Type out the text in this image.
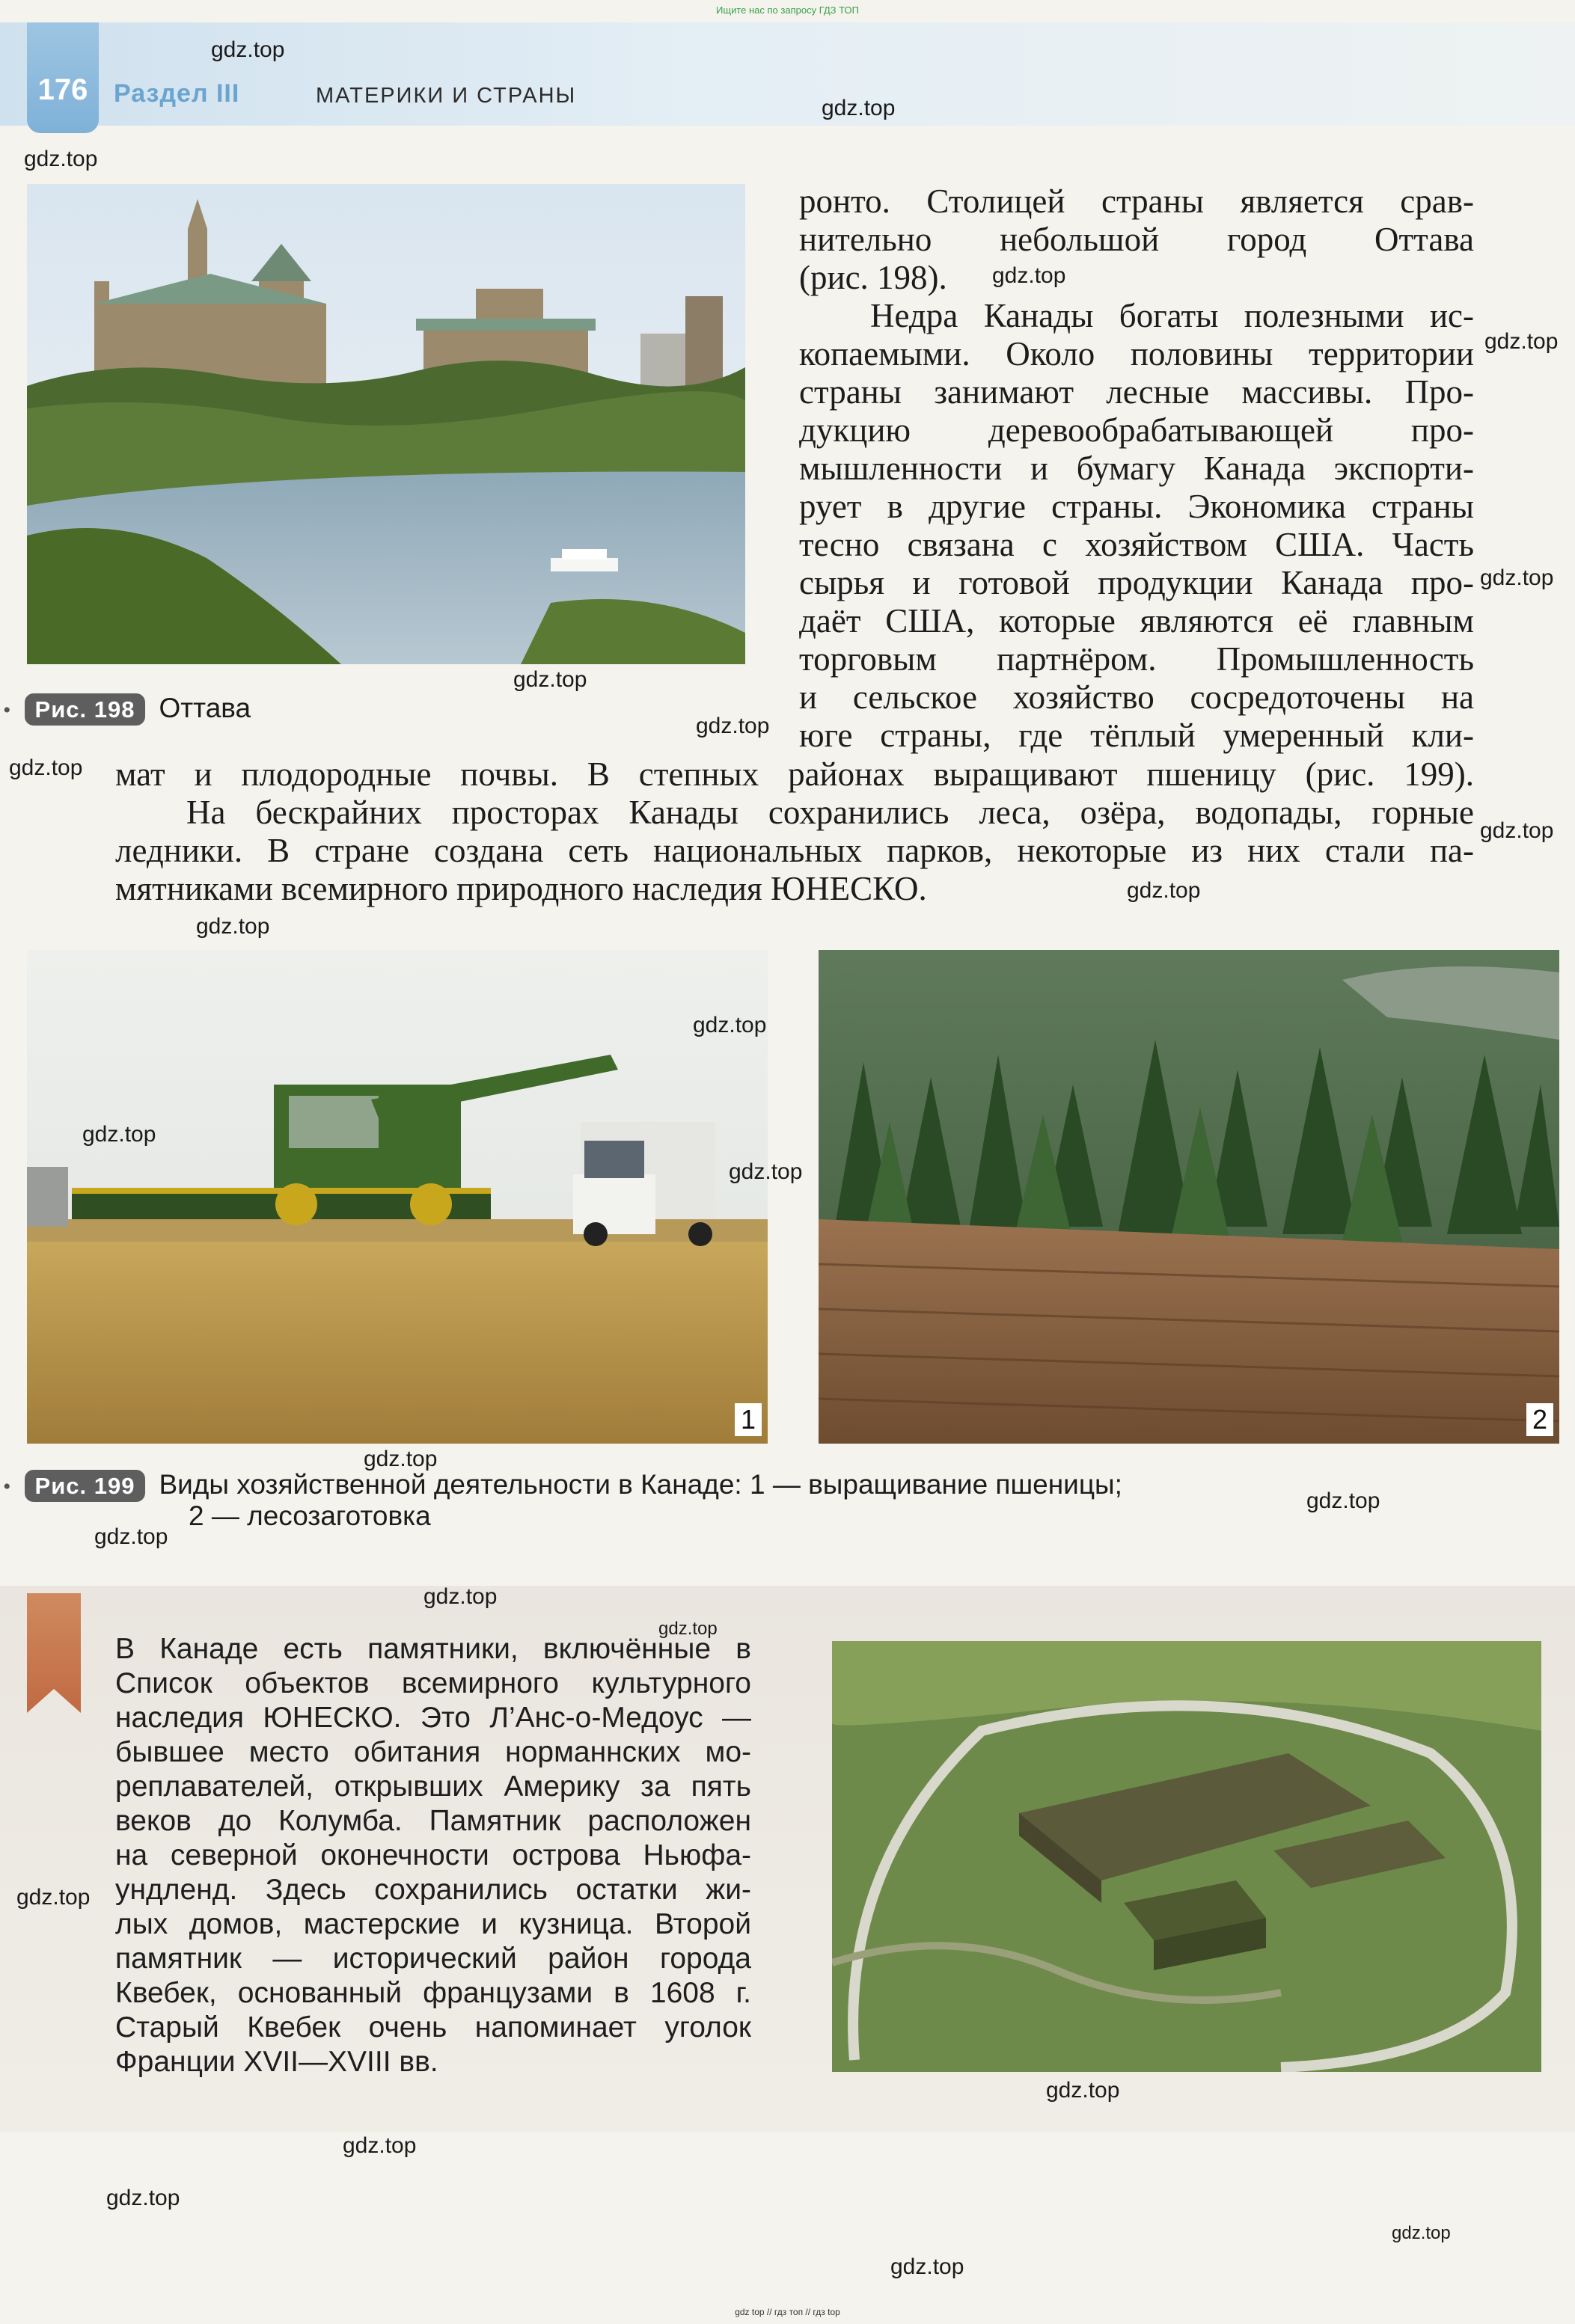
Ищите нас по запросу ГДЗ ТОП
176	Раздел III	МАТЕРИКИ И СТРАНЫ

ронто. Столицей страны является срав-

нительно небольшой город Оттава

(рис. 198).

Недра Канады богаты полезными ис-

копаемыми. Около половины территории

страны занимают лесные массивы. Про-

дукцию деревообрабатывающей про-

мышленности и бумагу Канада экспорти-

рует в другие страны. Экономика страны

тесно связана с хозяйством США. Часть

сырья и готовой продукции Канада про-

даёт США, которые являются её главным

торговым партнёром. Промышленность

и сельское хозяйство сосредоточены на

юге страны, где тёплый умеренный кли-

• Рис. 198 Оттава

мат и плодородные почвы. В степных районах выращивают пшеницу (рис. 199).

На бескрайних просторах Канады сохранились леса, озёра, водопады, горные

ледники. В стране создана сеть национальных парков, некоторые из них стали па-

мятниками всемирного природного наследия ЮНЕСКО.

1	2
• Рис. 199 Виды хозяйственной деятельности в Канаде: 1 — выращивание пшеницы;
2 — лесозаготовка
В Канаде есть памятники, включённые в
Список объектов всемирного культурного
наследия ЮНЕСКО. Это Л’Анс-о-Медоус —
бывшее место обитания норманнских мо-
реплавателей, открывших Америку за пять
веков до Колумба. Памятник расположен
на северной оконечности острова Ньюфа-
ундленд. Здесь сохранились остатки жи-
лых домов, мастерские и кузница. Второй
памятник — исторический район города
Квебек, основанный французами в 1608 г.
Старый Квебек очень напоминает уголок
Франции XVII—XVIII вв.
gdz.top
gdz.top
gdz.top
gdz.top
gdz.top
gdz.top
gdz.top
gdz.top
gdz.top
gdz.top
gdz.top
gdz.top
gdz.top
gdz.top
gdz.top
gdz.top
gdz.top
gdz.top
gdz.top
gdz.top
gdz.top
gdz.top
gdz.top
gdz.top
gdz.top
gdz.top
gdz top // гдз топ // гдз top
